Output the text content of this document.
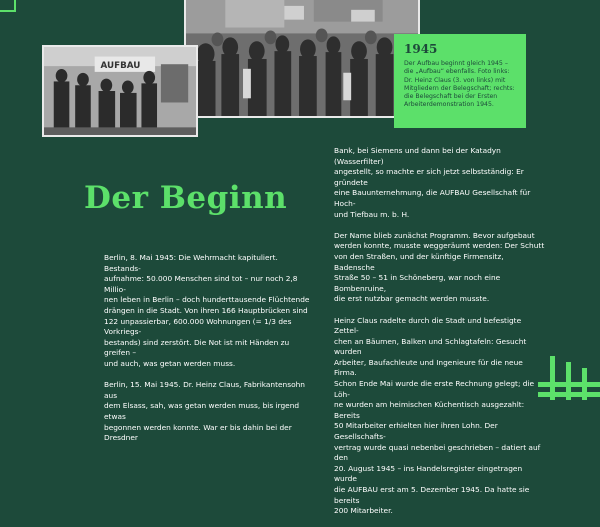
AUFBAU
1945
Der Aufbau beginnt gleich 1945 –
die „Aufbau“ ebenfalls. Foto links:
Dr. Heinz Claus (3. von links) mit
Mitgliedern der Belegschaft; rechts:
die Belegschaft bei der Ersten
Arbeiterdemonstration 1945.
Der Beginn

Berlin, 8. Mai 1945: Die Wehrmacht kapituliert. Bestands-
aufnahme: 50.000 Menschen sind tot – nur noch 2,8 Millio-
nen leben in Berlin – doch hunderttausende Flüchtende
drängen in die Stadt. Von ihren 166 Hauptbrücken sind
122 unpassierbar, 600.000 Wohnungen (= 1/3 des Vorkriegs-
bestands) sind zerstört. Die Not ist mit Händen zu greifen –
und auch, was getan werden muss.

Berlin, 15. Mai 1945. Dr. Heinz Claus, Fabrikantensohn aus
dem Elsass, sah, was getan werden muss, bis irgend etwas
begonnen werden konnte. War er bis dahin bei der Dresdner

Bank, bei Siemens und dann bei der Katadyn (Wasserfilter)
angestellt, so machte er sich jetzt selbstständig: Er gründete
eine Bauunternehmung, die AUFBAU Gesellschaft für Hoch-
und Tiefbau m. b. H.

Der Name blieb zunächst Programm. Bevor aufgebaut
werden konnte, musste weggeräumt werden: Der Schutt
von den Straßen, und der künftige Firmensitz, Badensche
Straße 50 – 51 in Schöneberg, war noch eine Bombenruine,
die erst nutzbar gemacht werden musste.

Heinz Claus radelte durch die Stadt und befestigte Zettel-
chen an Bäumen, Balken und Schlagtafeln: Gesucht wurden
Arbeiter, Baufachleute und Ingenieure für die neue Firma.
Schon Ende Mai wurde die erste Rechnung gelegt; die Löh-
ne wurden am heimischen Küchentisch ausgezahlt: Bereits
50 Mitarbeiter erhielten hier ihren Lohn. Der Gesellschafts-
vertrag wurde quasi nebenbei geschrieben – datiert auf den
20. August 1945 – ins Handelsregister eingetragen wurde
die AUFBAU erst am 5. Dezember 1945. Da hatte sie bereits
200 Mitarbeiter.
